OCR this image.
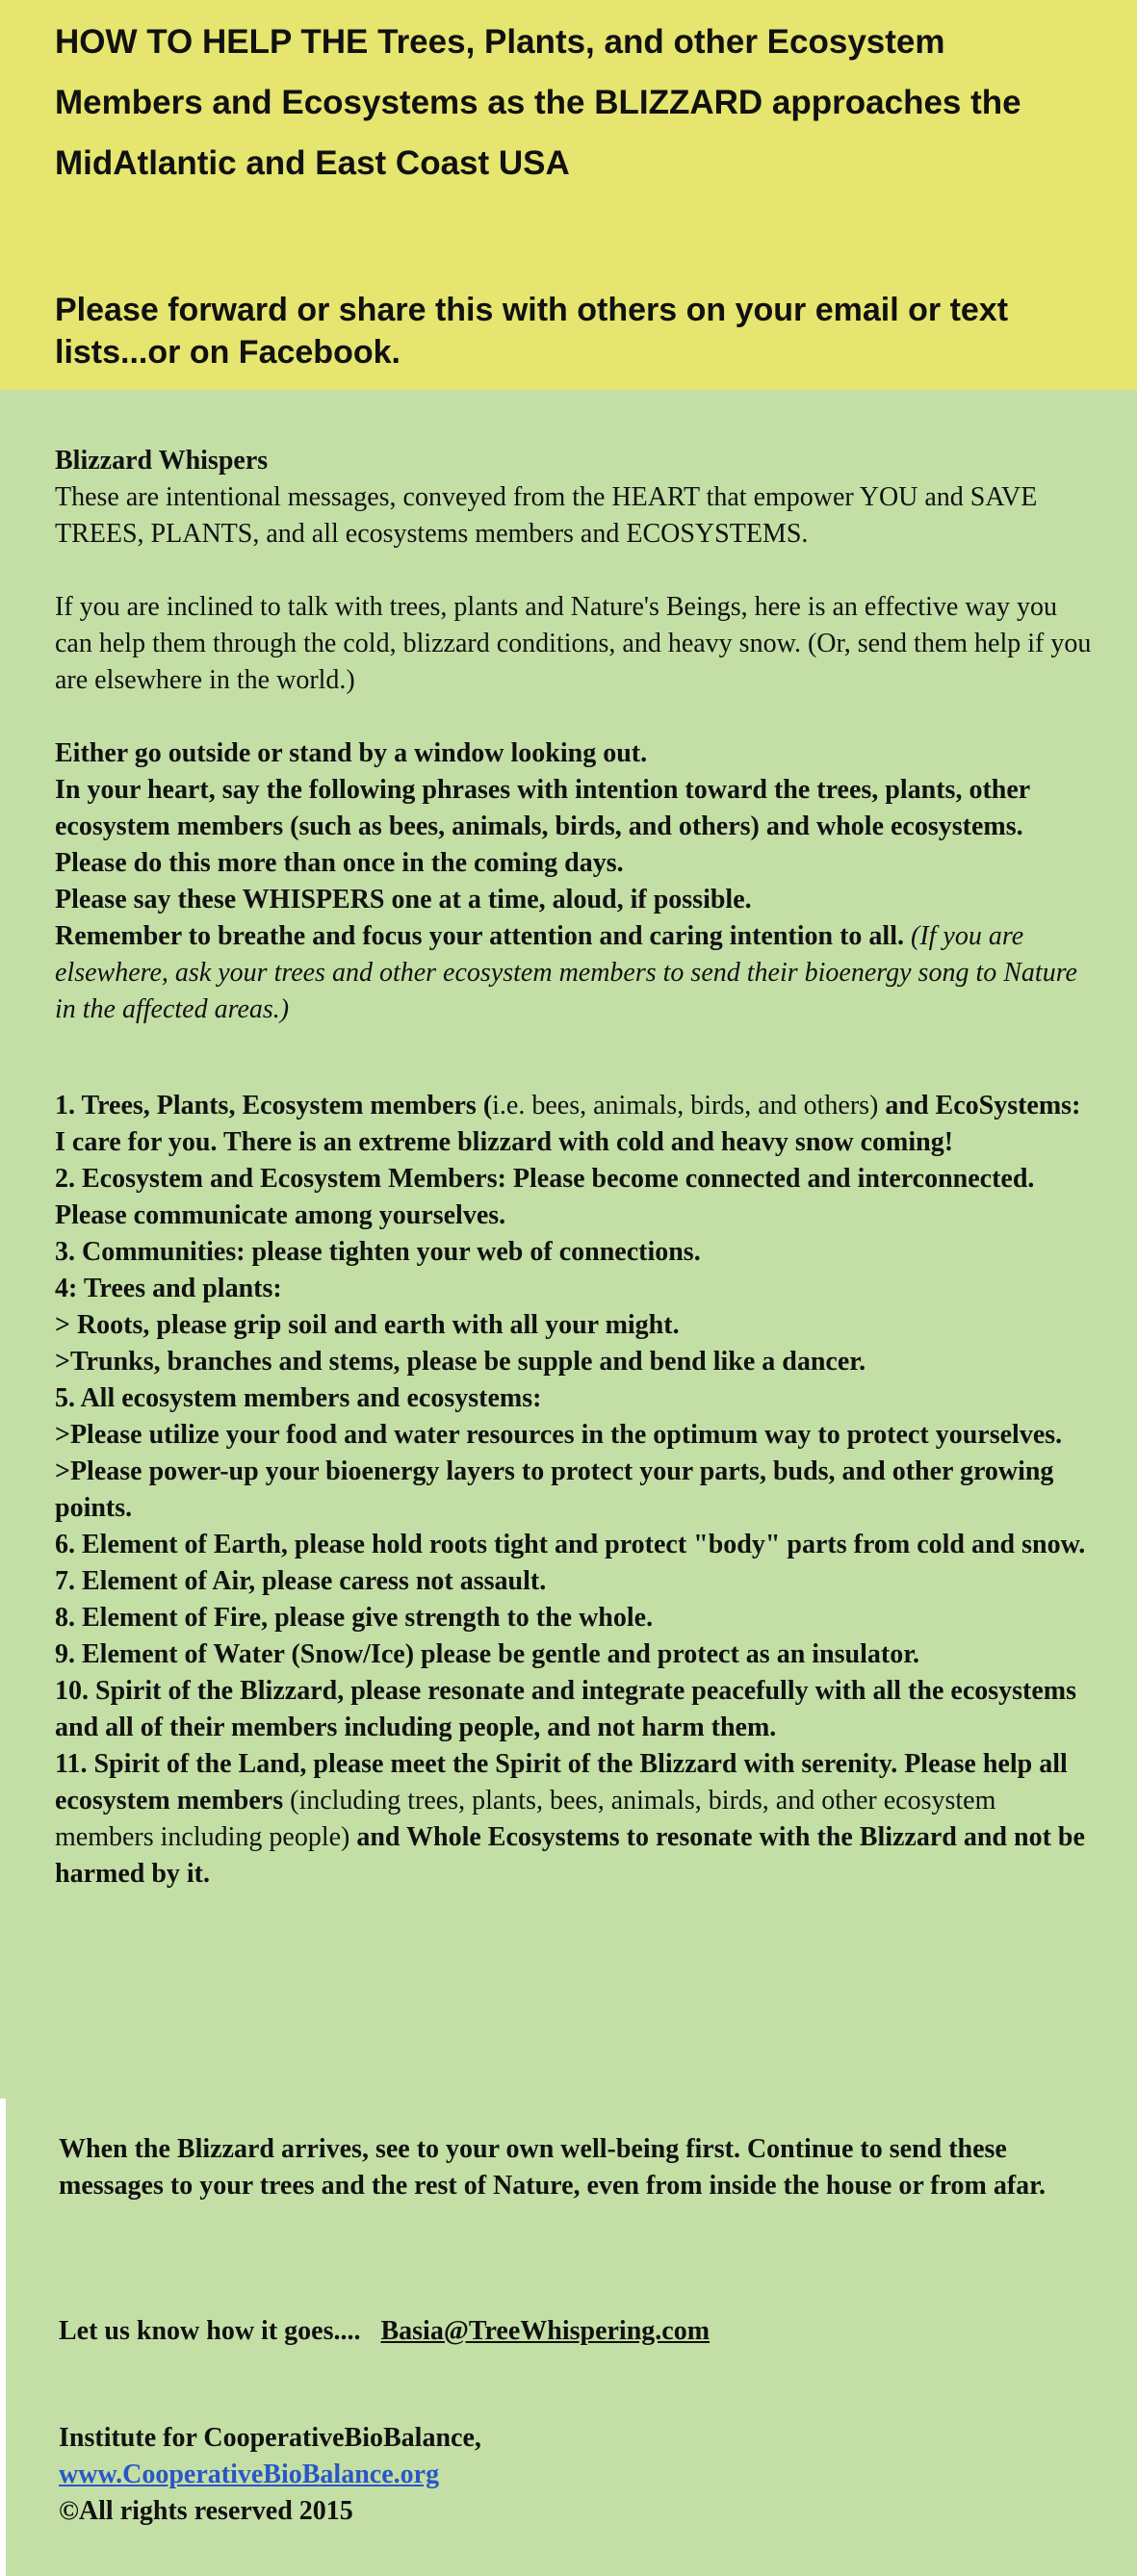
HOW TO HELP THE Trees, Plants, and other Ecosystem Members and Ecosystems as the BLIZZARD approaches the MidAtlantic and East Coast USA

Please forward or share this with others on your email or text lists...or on Facebook.

Blizzard Whispers
These are intentional messages, conveyed from the HEART that empower YOU and SAVE TREES, PLANTS, and all ecosystems members and ECOSYSTEMS.
If you are inclined to talk with trees, plants and Nature's Beings, here is an effective way you can help them through the cold, blizzard conditions, and heavy snow. (Or, send them help if you are elsewhere in the world.)
Either go outside or stand by a window looking out.
In your heart, say the following phrases with intention toward the trees, plants, other ecosystem members (such as bees, animals, birds, and others) and whole ecosystems.
Please do this more than once in the coming days.
Please say these WHISPERS one at a time, aloud, if possible.
Remember to breathe and focus your attention and caring intention to all. (If you are elsewhere, ask your trees and other ecosystem members to send their bioenergy song to Nature in the affected areas.)
1. Trees, Plants, Ecosystem members (i.e. bees, animals, birds, and others) and EcoSystems: I care for you. There is an extreme blizzard with cold and heavy snow coming!
2. Ecosystem and Ecosystem Members: Please become connected and interconnected. Please communicate among yourselves.
3. Communities: please tighten your web of connections.
4: Trees and plants:
> Roots, please grip soil and earth with all your might.
>Trunks, branches and stems, please be supple and bend like a dancer.
5. All ecosystem members and ecosystems:
>Please utilize your food and water resources in the optimum way to protect yourselves.
>Please power-up your bioenergy layers to protect your parts, buds, and other growing points.
6. Element of Earth, please hold roots tight and protect "body" parts from cold and snow.
7. Element of Air, please caress not assault.
8. Element of Fire, please give strength to the whole.
9. Element of Water (Snow/Ice) please be gentle and protect as an insulator.
10. Spirit of the Blizzard, please resonate and integrate peacefully with all the ecosystems and all of their members including people, and not harm them.
11. Spirit of the Land, please meet the Spirit of the Blizzard with serenity. Please help all ecosystem members (including trees, plants, bees, animals, birds, and other ecosystem members including people) and Whole Ecosystems to resonate with the Blizzard and not be harmed by it.
When the Blizzard arrives, see to your own well-being first. Continue to send these messages to your trees and the rest of Nature, even from inside the house or from afar.
Let us know how it goes.... Basia@TreeWhispering.com
Institute for CooperativeBioBalance,
www.CooperativeBioBalance.org
©All rights reserved 2015
